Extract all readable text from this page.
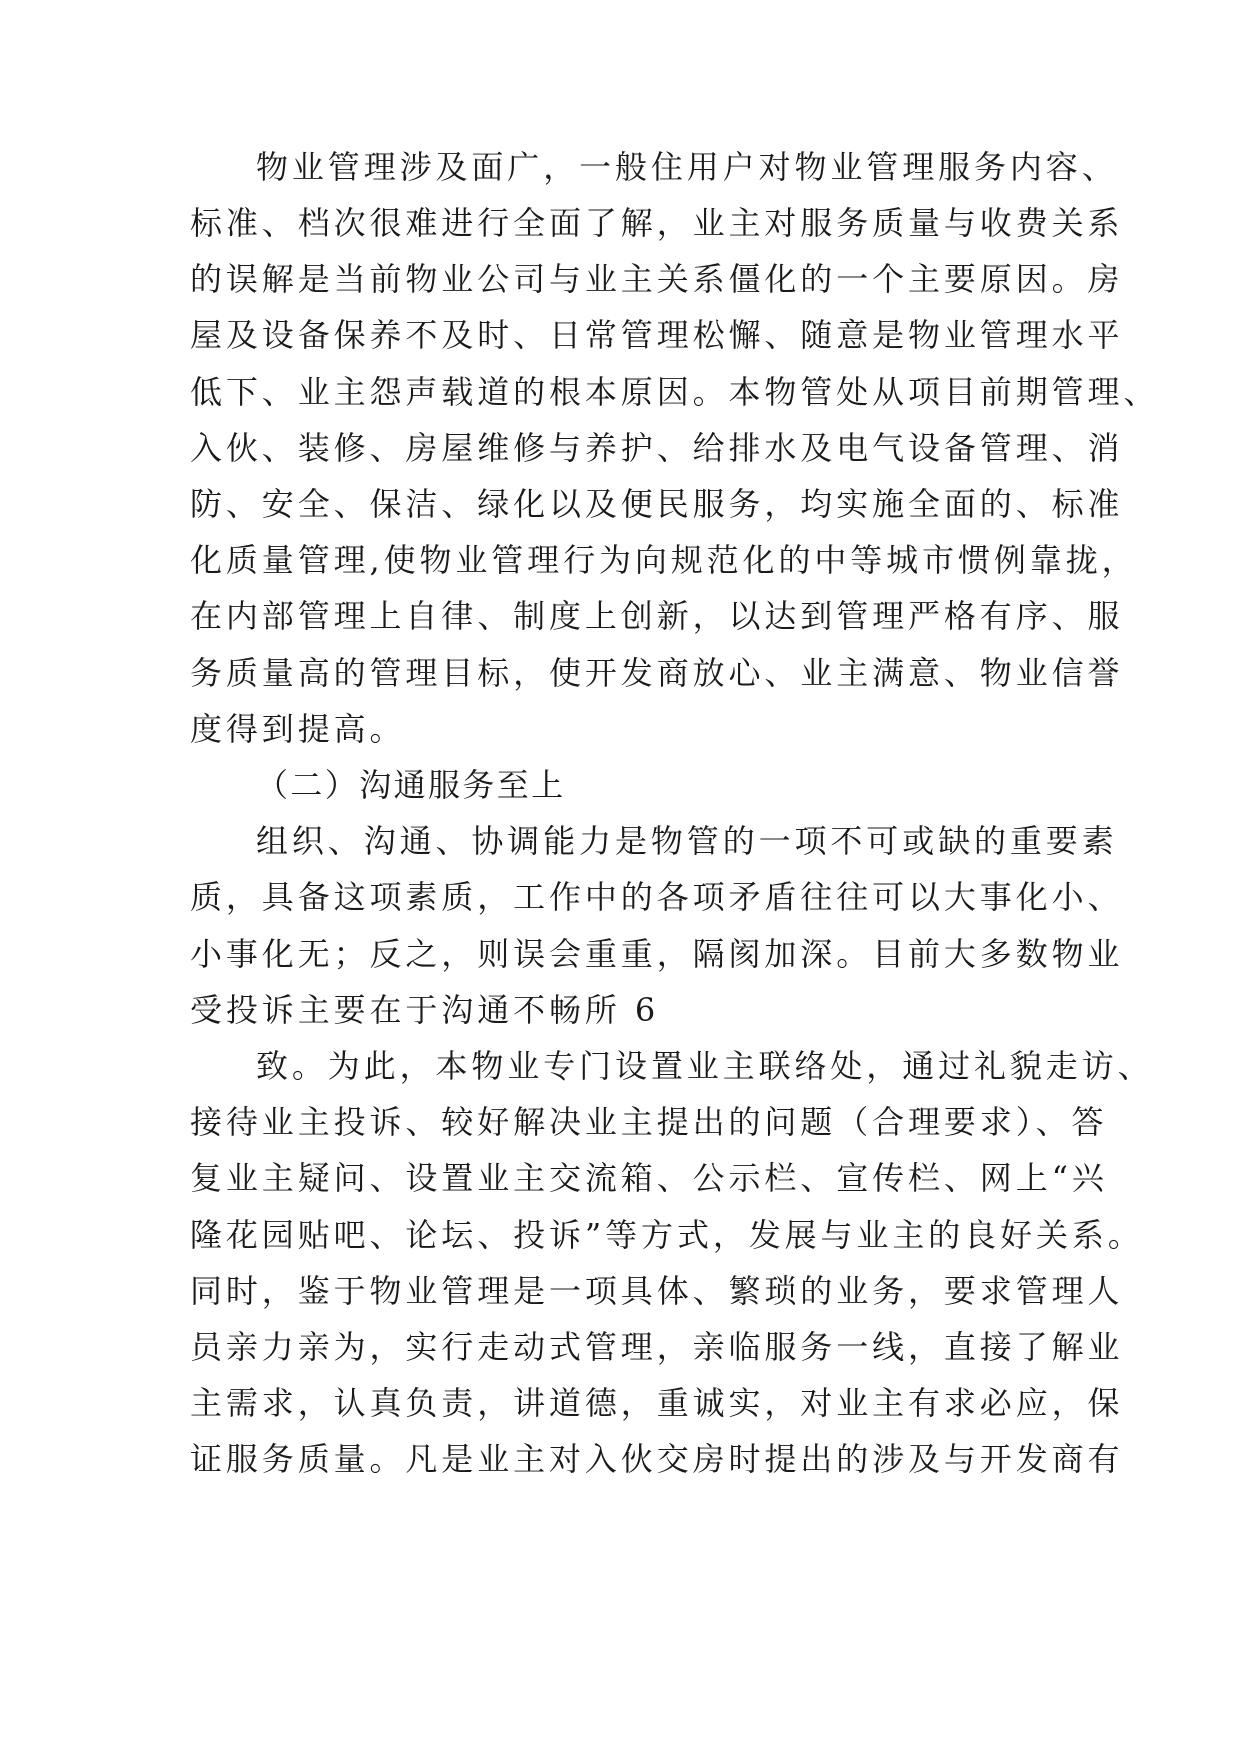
物业管理涉及面广，一般住用户对物业管理服务内容、
标准、档次很难进行全面了解，业主对服务质量与收费关系
的误解是当前物业公司与业主关系僵化的一个主要原因。房
屋及设备保养不及时、日常管理松懈、随意是物业管理水平
低下、业主怨声载道的根本原因。本物管处从项目前期管理、
入伙、装修、房屋维修与养护、给排水及电气设备管理、消
防、安全、保洁、绿化以及便民服务，均实施全面的、标准
化质量管理,使物业管理行为向规范化的中等城市惯例靠拢，
在内部管理上自律、制度上创新，以达到管理严格有序、服
务质量高的管理目标，使开发商放心、业主满意、物业信誉
度得到提高。
（二）沟通服务至上
组织、沟通、协调能力是物管的一项不可或缺的重要素
质，具备这项素质，工作中的各项矛盾往往可以大事化小、
小事化无；反之，则误会重重，隔阂加深。目前大多数物业
受投诉主要在于沟通不畅所 6
致。为此，本物业专门设置业主联络处，通过礼貌走访、
接待业主投诉、较好解决业主提出的问题（合理要求）、答
复业主疑问、设置业主交流箱、公示栏、宣传栏、网上“兴
隆花园贴吧、论坛、投诉”等方式，发展与业主的良好关系。
同时，鉴于物业管理是一项具体、繁琐的业务，要求管理人
员亲力亲为，实行走动式管理，亲临服务一线，直接了解业
主需求，认真负责，讲道德，重诚实，对业主有求必应，保
证服务质量。凡是业主对入伙交房时提出的涉及与开发商有
